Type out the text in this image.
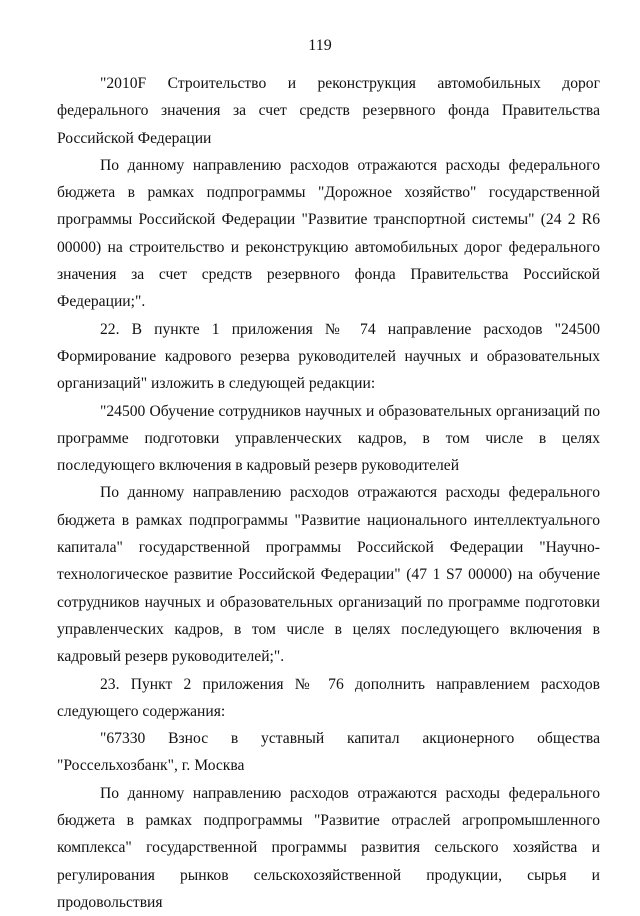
119

"2010F Строительство и реконструкция автомобильных дорог федерального значения за счет средств резервного фонда Правительства Российской Федерации

По данному направлению расходов отражаются расходы федерального бюджета в рамках подпрограммы "Дорожное хозяйство" государственной программы Российской Федерации "Развитие транспортной системы" (24 2 R6 00000) на строительство и реконструкцию автомобильных дорог федерального значения за счет средств резервного фонда Правительства Российской Федерации;".

22. В пункте 1 приложения № 74 направление расходов "24500 Формирование кадрового резерва руководителей научных и образовательных организаций" изложить в следующей редакции:

"24500 Обучение сотрудников научных и образовательных организаций по программе подготовки управленческих кадров, в том числе в целях последующего включения в кадровый резерв руководителей

По данному направлению расходов отражаются расходы федерального бюджета в рамках подпрограммы "Развитие национального интеллектуального капитала" государственной программы Российской Федерации "Научно-технологическое развитие Российской Федерации" (47 1 S7 00000) на обучение сотрудников научных и образовательных организаций по программе подготовки управленческих кадров, в том числе в целях последующего включения в кадровый резерв руководителей;".

23. Пункт 2 приложения № 76 дополнить направлением расходов следующего содержания:

"67330 Взнос в уставный капитал акционерного общества "Россельхозбанк", г. Москва

По данному направлению расходов отражаются расходы федерального бюджета в рамках подпрограммы "Развитие отраслей агропромышленного комплекса" государственной программы развития сельского хозяйства и регулирования рынков сельскохозяйственной продукции, сырья и продовольствия
